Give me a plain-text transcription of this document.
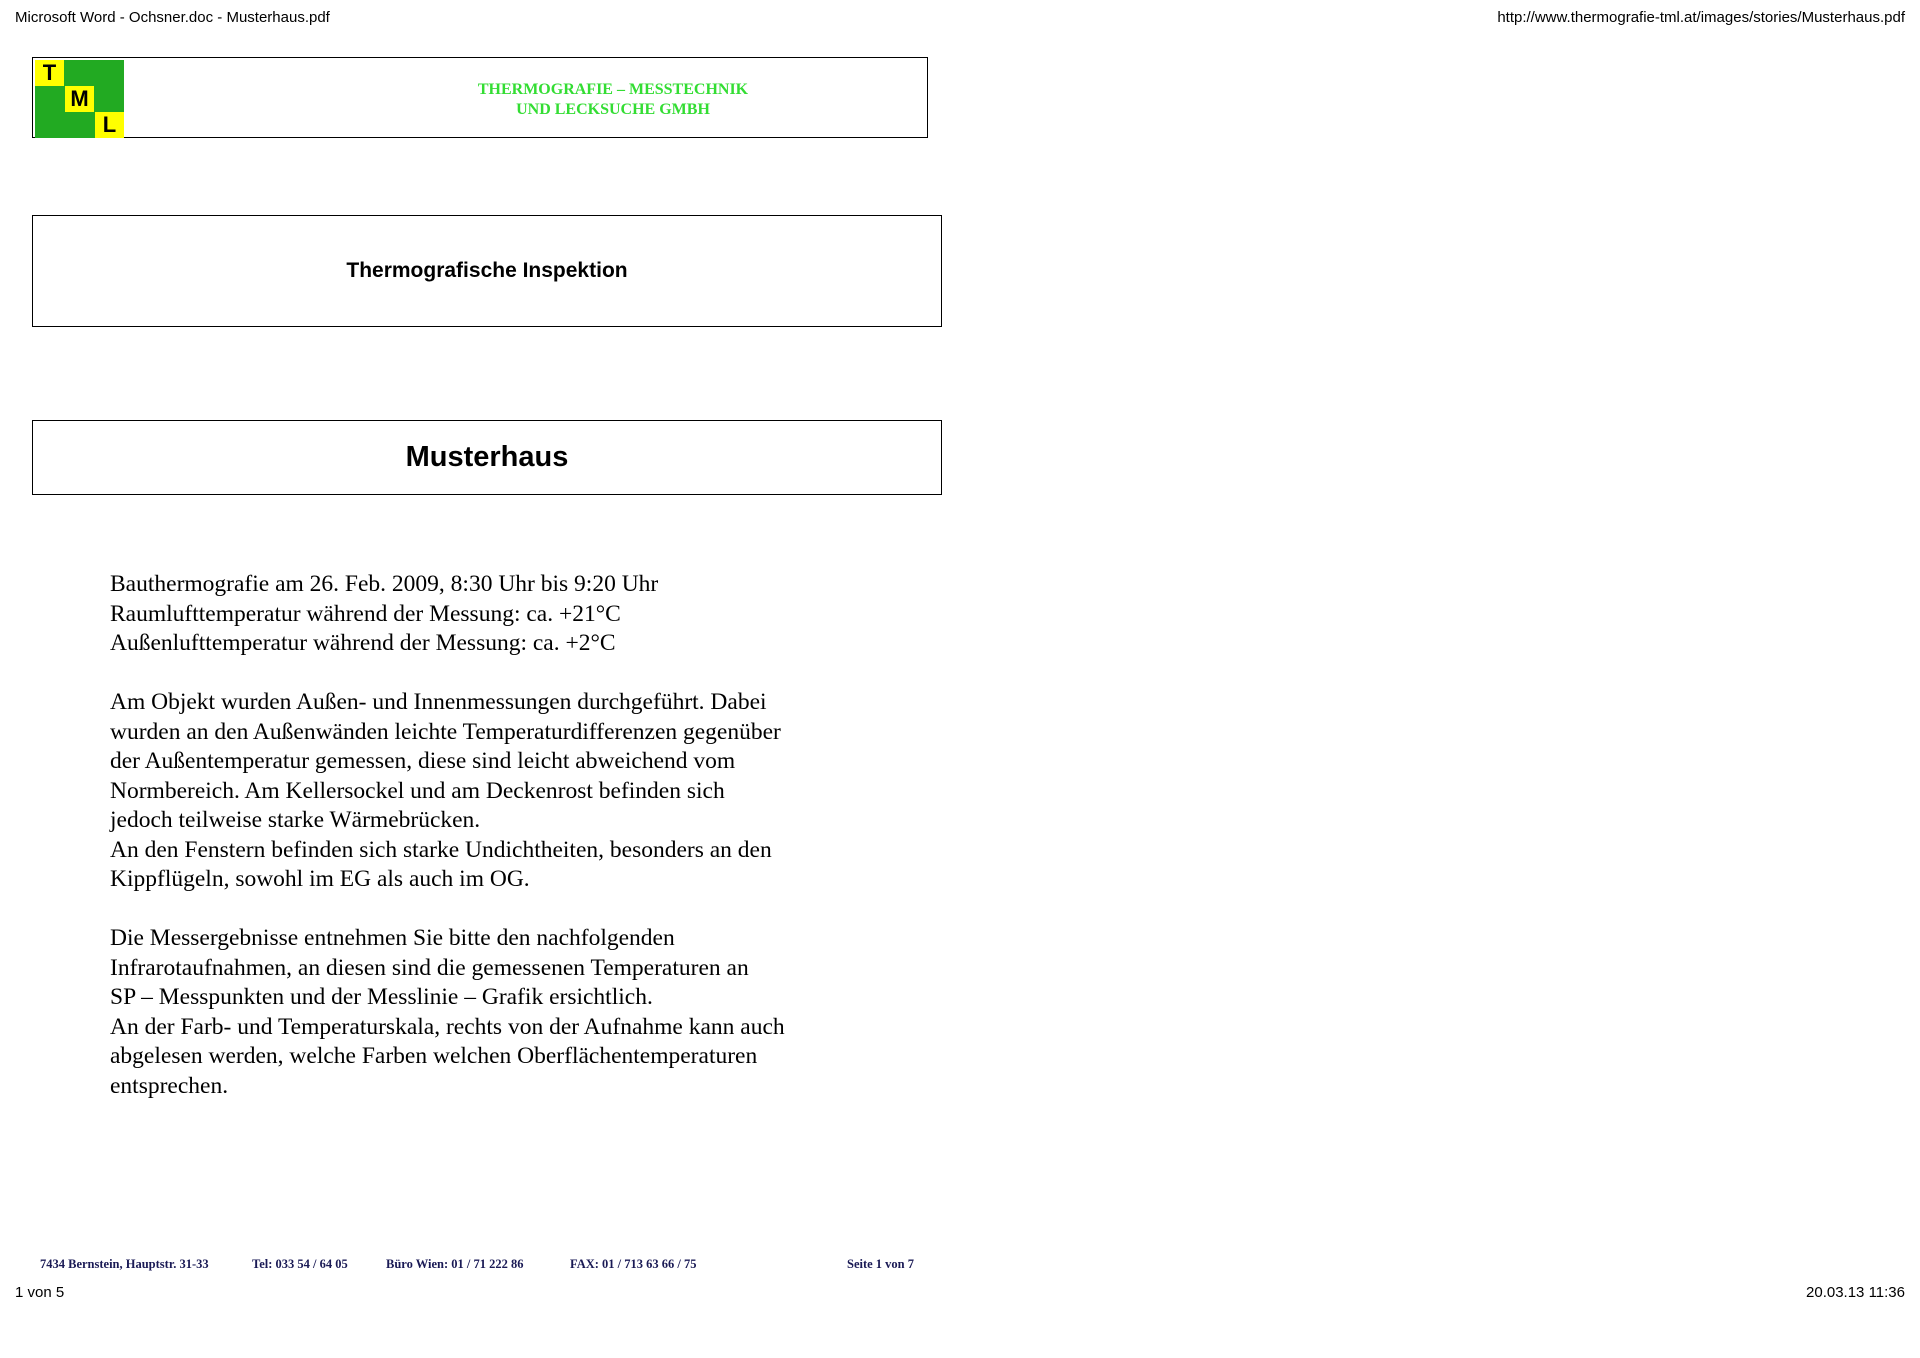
Microsoft Word - Ochsner.doc - Musterhaus.pdf	http://www.thermografie-tml.at/images/stories/Musterhaus.pdf
T
M
L
THERMOGRAFIE – MESSTECHNIK
UND LECKSUCHE GMBH
Thermografische Inspektion
Musterhaus

Bauthermografie am 26. Feb. 2009, 8:30 Uhr bis 9:20 Uhr
Raumlufttemperatur während der Messung: ca. +21°C
Außenlufttemperatur während der Messung: ca. +2°C

Am Objekt wurden Außen- und Innenmessungen durchgeführt. Dabei
wurden an den Außenwänden leichte Temperaturdifferenzen gegenüber
der Außentemperatur gemessen, diese sind leicht abweichend vom
Normbereich. Am Kellersockel und am Deckenrost befinden sich
jedoch teilweise starke Wärmebrücken.
An den Fenstern befinden sich starke Undichtheiten, besonders an den
Kippflügeln, sowohl im EG als auch im OG.

Die Messergebnisse entnehmen Sie bitte den nachfolgenden
Infrarotaufnahmen, an diesen sind die gemessenen Temperaturen an
SP – Messpunkten und der Messlinie – Grafik ersichtlich.
An der Farb- und Temperaturskala, rechts von der Aufnahme kann auch
abgelesen werden, welche Farben welchen Oberflächentemperaturen
entsprechen.

7434 Bernstein, Hauptstr. 31-33	Tel: 033 54 / 64 05	Büro Wien: 01 / 71 222 86	FAX: 01 / 713 63 66 / 75	Seite 1 von 7
1 von 5	20.03.13 11:36
